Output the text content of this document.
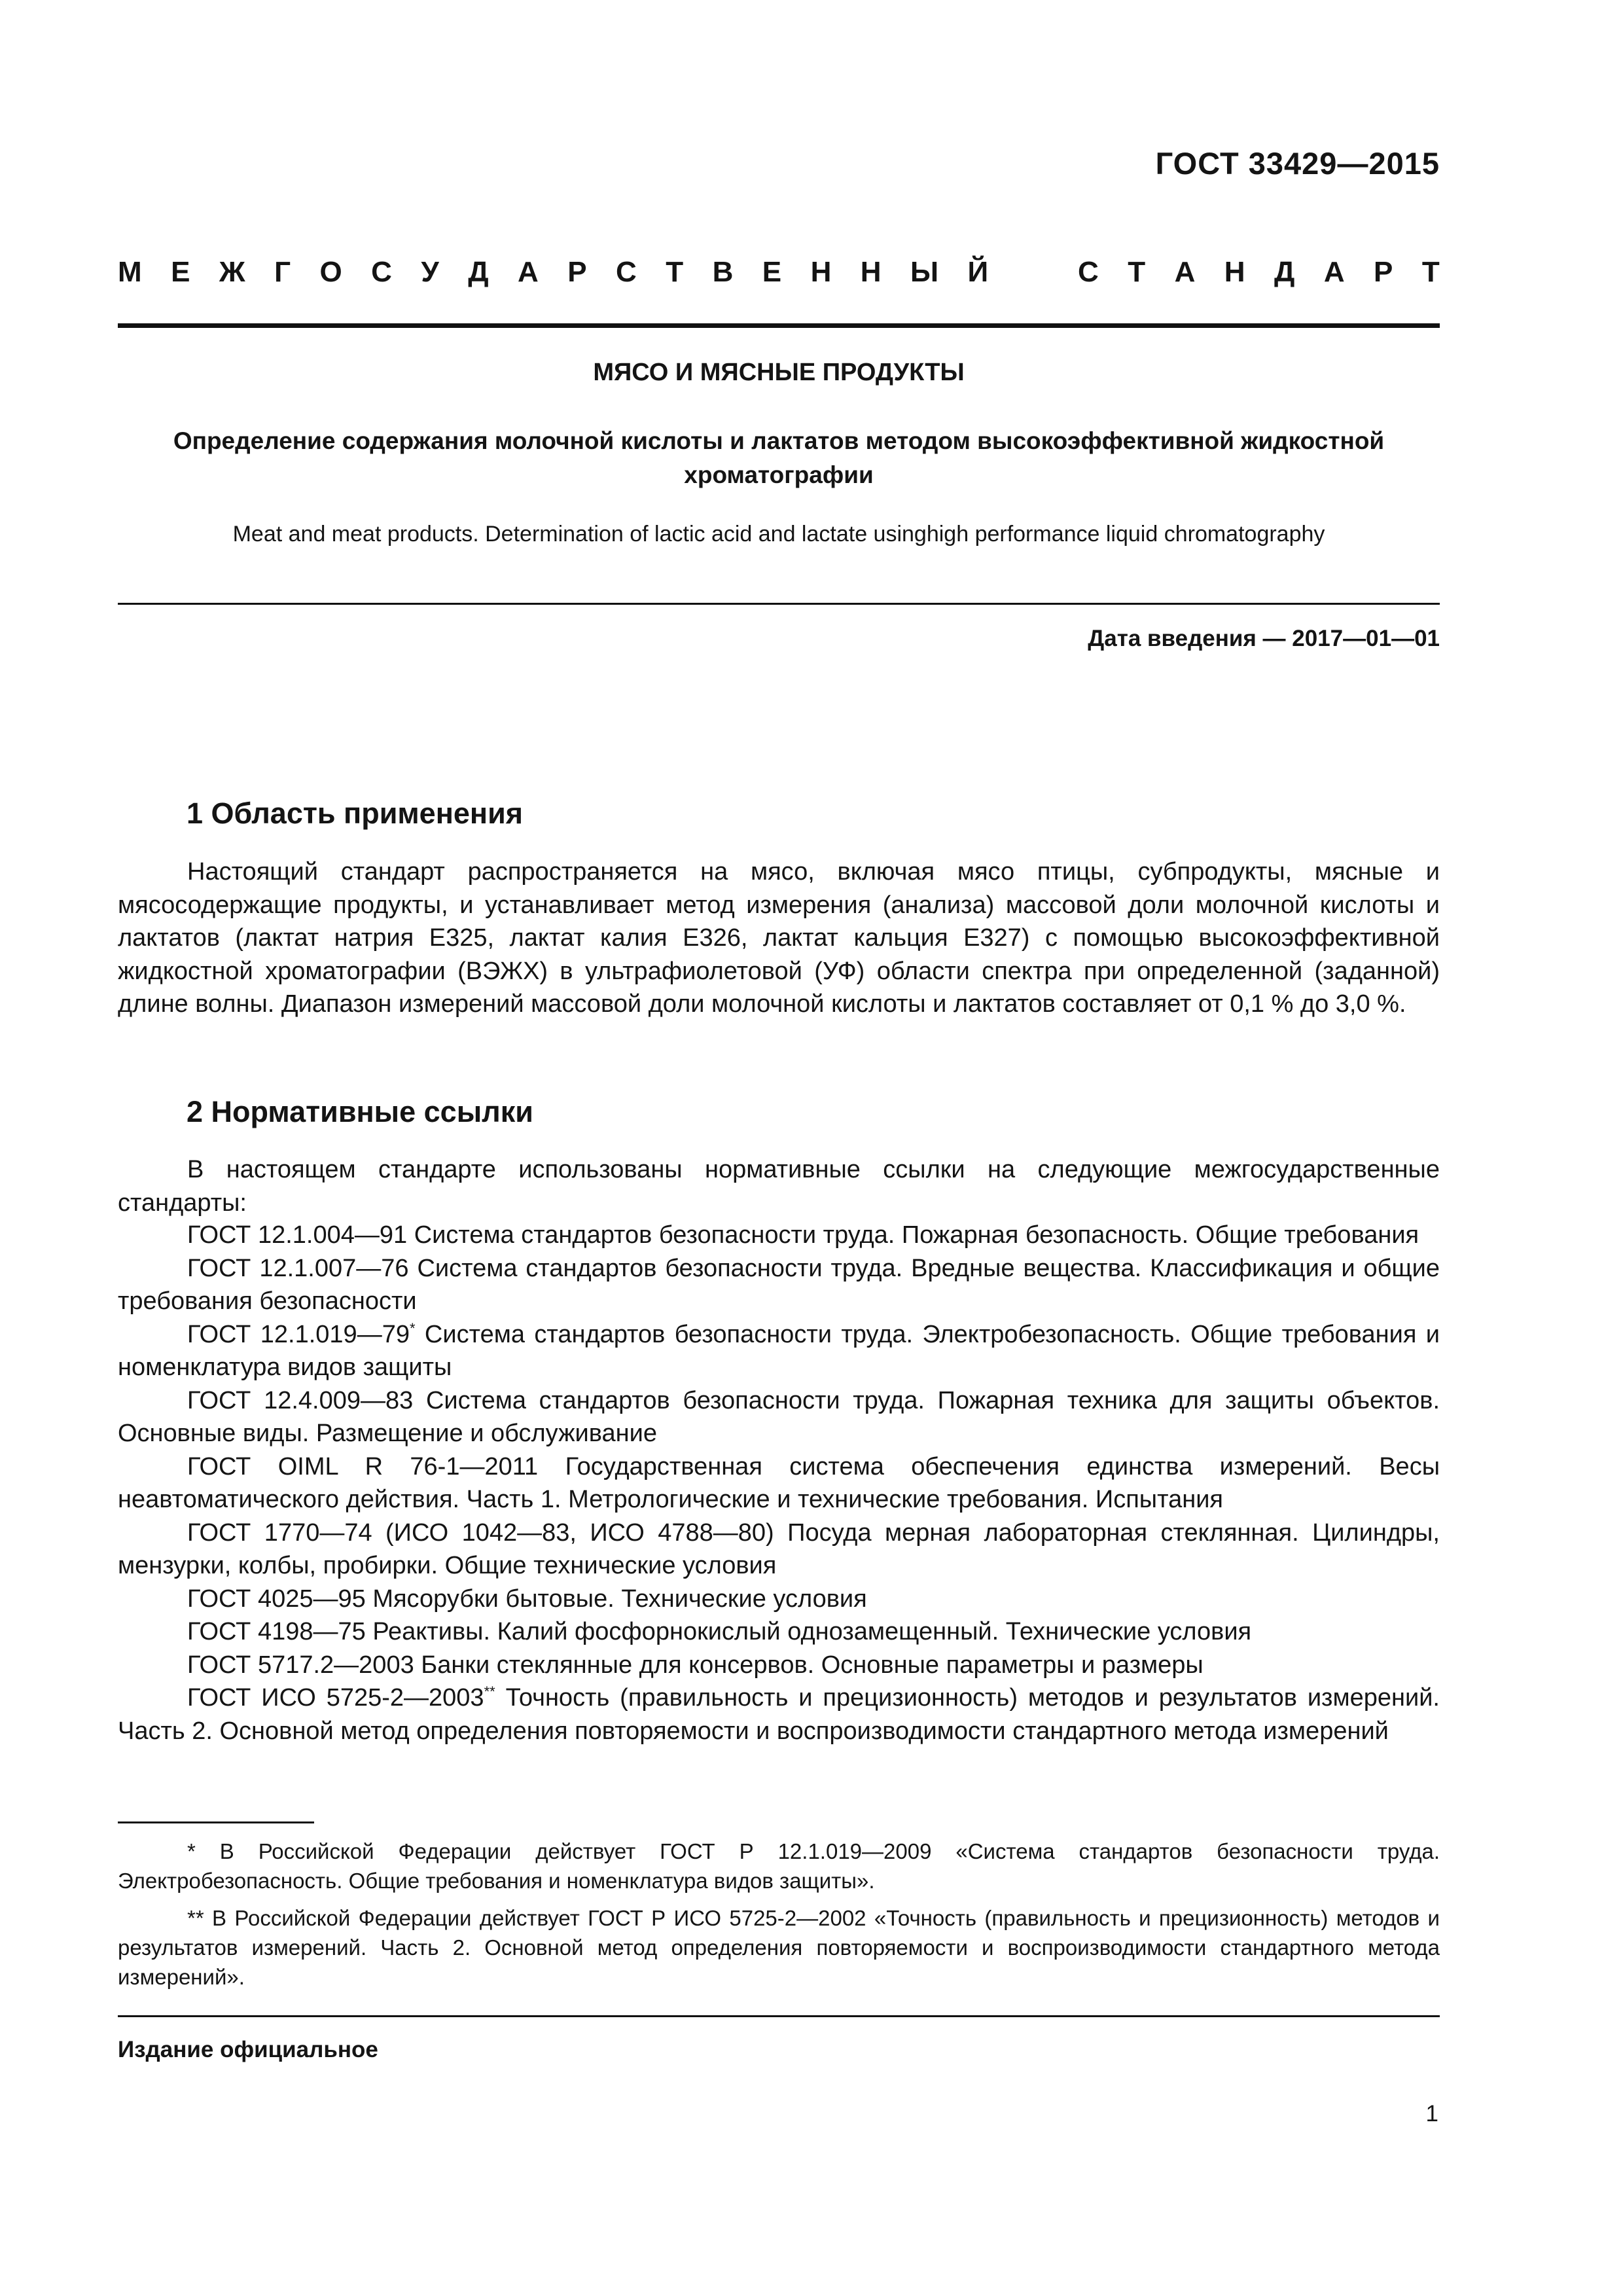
ГОСТ 33429—2015
М Е Ж Г О С У Д А Р С Т В Е Н Н Ы Й	С Т А Н Д А Р Т
МЯСО И МЯСНЫЕ ПРОДУКТЫ
Определение содержания молочной кислоты и лактатов методом высокоэффективной жидкостной хроматографии
Meat and meat products. Determination of lactic acid and lactate usinghigh performance liquid chromatography
Дата введения — 2017—01—01
1 Область применения

Настоящий стандарт распространяется на мясо, включая мясо птицы, субпродукты, мясные и мясосодержащие продукты, и устанавливает метод измерения (анализа) массовой доли молочной кислоты и лактатов (лактат натрия Е325, лактат калия Е326, лактат кальция Е327) с помощью высокоэффективной жидкостной хроматографии (ВЭЖХ) в ультрафиолетовой (УФ) области спектра при определенной (заданной) длине волны. Диапазон измерений массовой доли молочной кислоты и лактатов составляет от 0,1 % до 3,0 %.

2 Нормативные ссылки

В настоящем стандарте использованы нормативные ссылки на следующие межгосударственные стандарты:

ГОСТ 12.1.004—91 Система стандартов безопасности труда. Пожарная безопасность. Общие требования
ГОСТ 12.1.007—76 Система стандартов безопасности труда. Вредные вещества. Классификация и общие требования безопасности
ГОСТ 12.1.019—79* Система стандартов безопасности труда. Электробезопасность. Общие требования и номенклатура видов защиты
ГОСТ 12.4.009—83 Система стандартов безопасности труда. Пожарная техника для защиты объектов. Основные виды. Размещение и обслуживание
ГОСТ OIML R 76-1—2011 Государственная система обеспечения единства измерений. Весы неавтоматического действия. Часть 1. Метрологические и технические требования. Испытания
ГОСТ 1770—74 (ИСО 1042—83, ИСО 4788—80) Посуда мерная лабораторная стеклянная. Цилиндры, мензурки, колбы, пробирки. Общие технические условия
ГОСТ 4025—95 Мясорубки бытовые. Технические условия
ГОСТ 4198—75 Реактивы. Калий фосфорнокислый однозамещенный. Технические условия
ГОСТ 5717.2—2003 Банки стеклянные для консервов. Основные параметры и размеры
ГОСТ ИСО 5725-2—2003** Точность (правильность и прецизионность) методов и результатов измерений. Часть 2. Основной метод определения повторяемости и воспроизводимости стандартного метода измерений

* В Российской Федерации действует ГОСТ Р 12.1.019—2009 «Система стандартов безопасности труда. Электробезопасность. Общие требования и номенклатура видов защиты».

** В Российской Федерации действует ГОСТ Р ИСО 5725-2—2002 «Точность (правильность и прецизионность) методов и результатов измерений. Часть 2. Основной метод определения повторяемости и воспроизводимости стандартного метода измерений».

Издание официальное
1
